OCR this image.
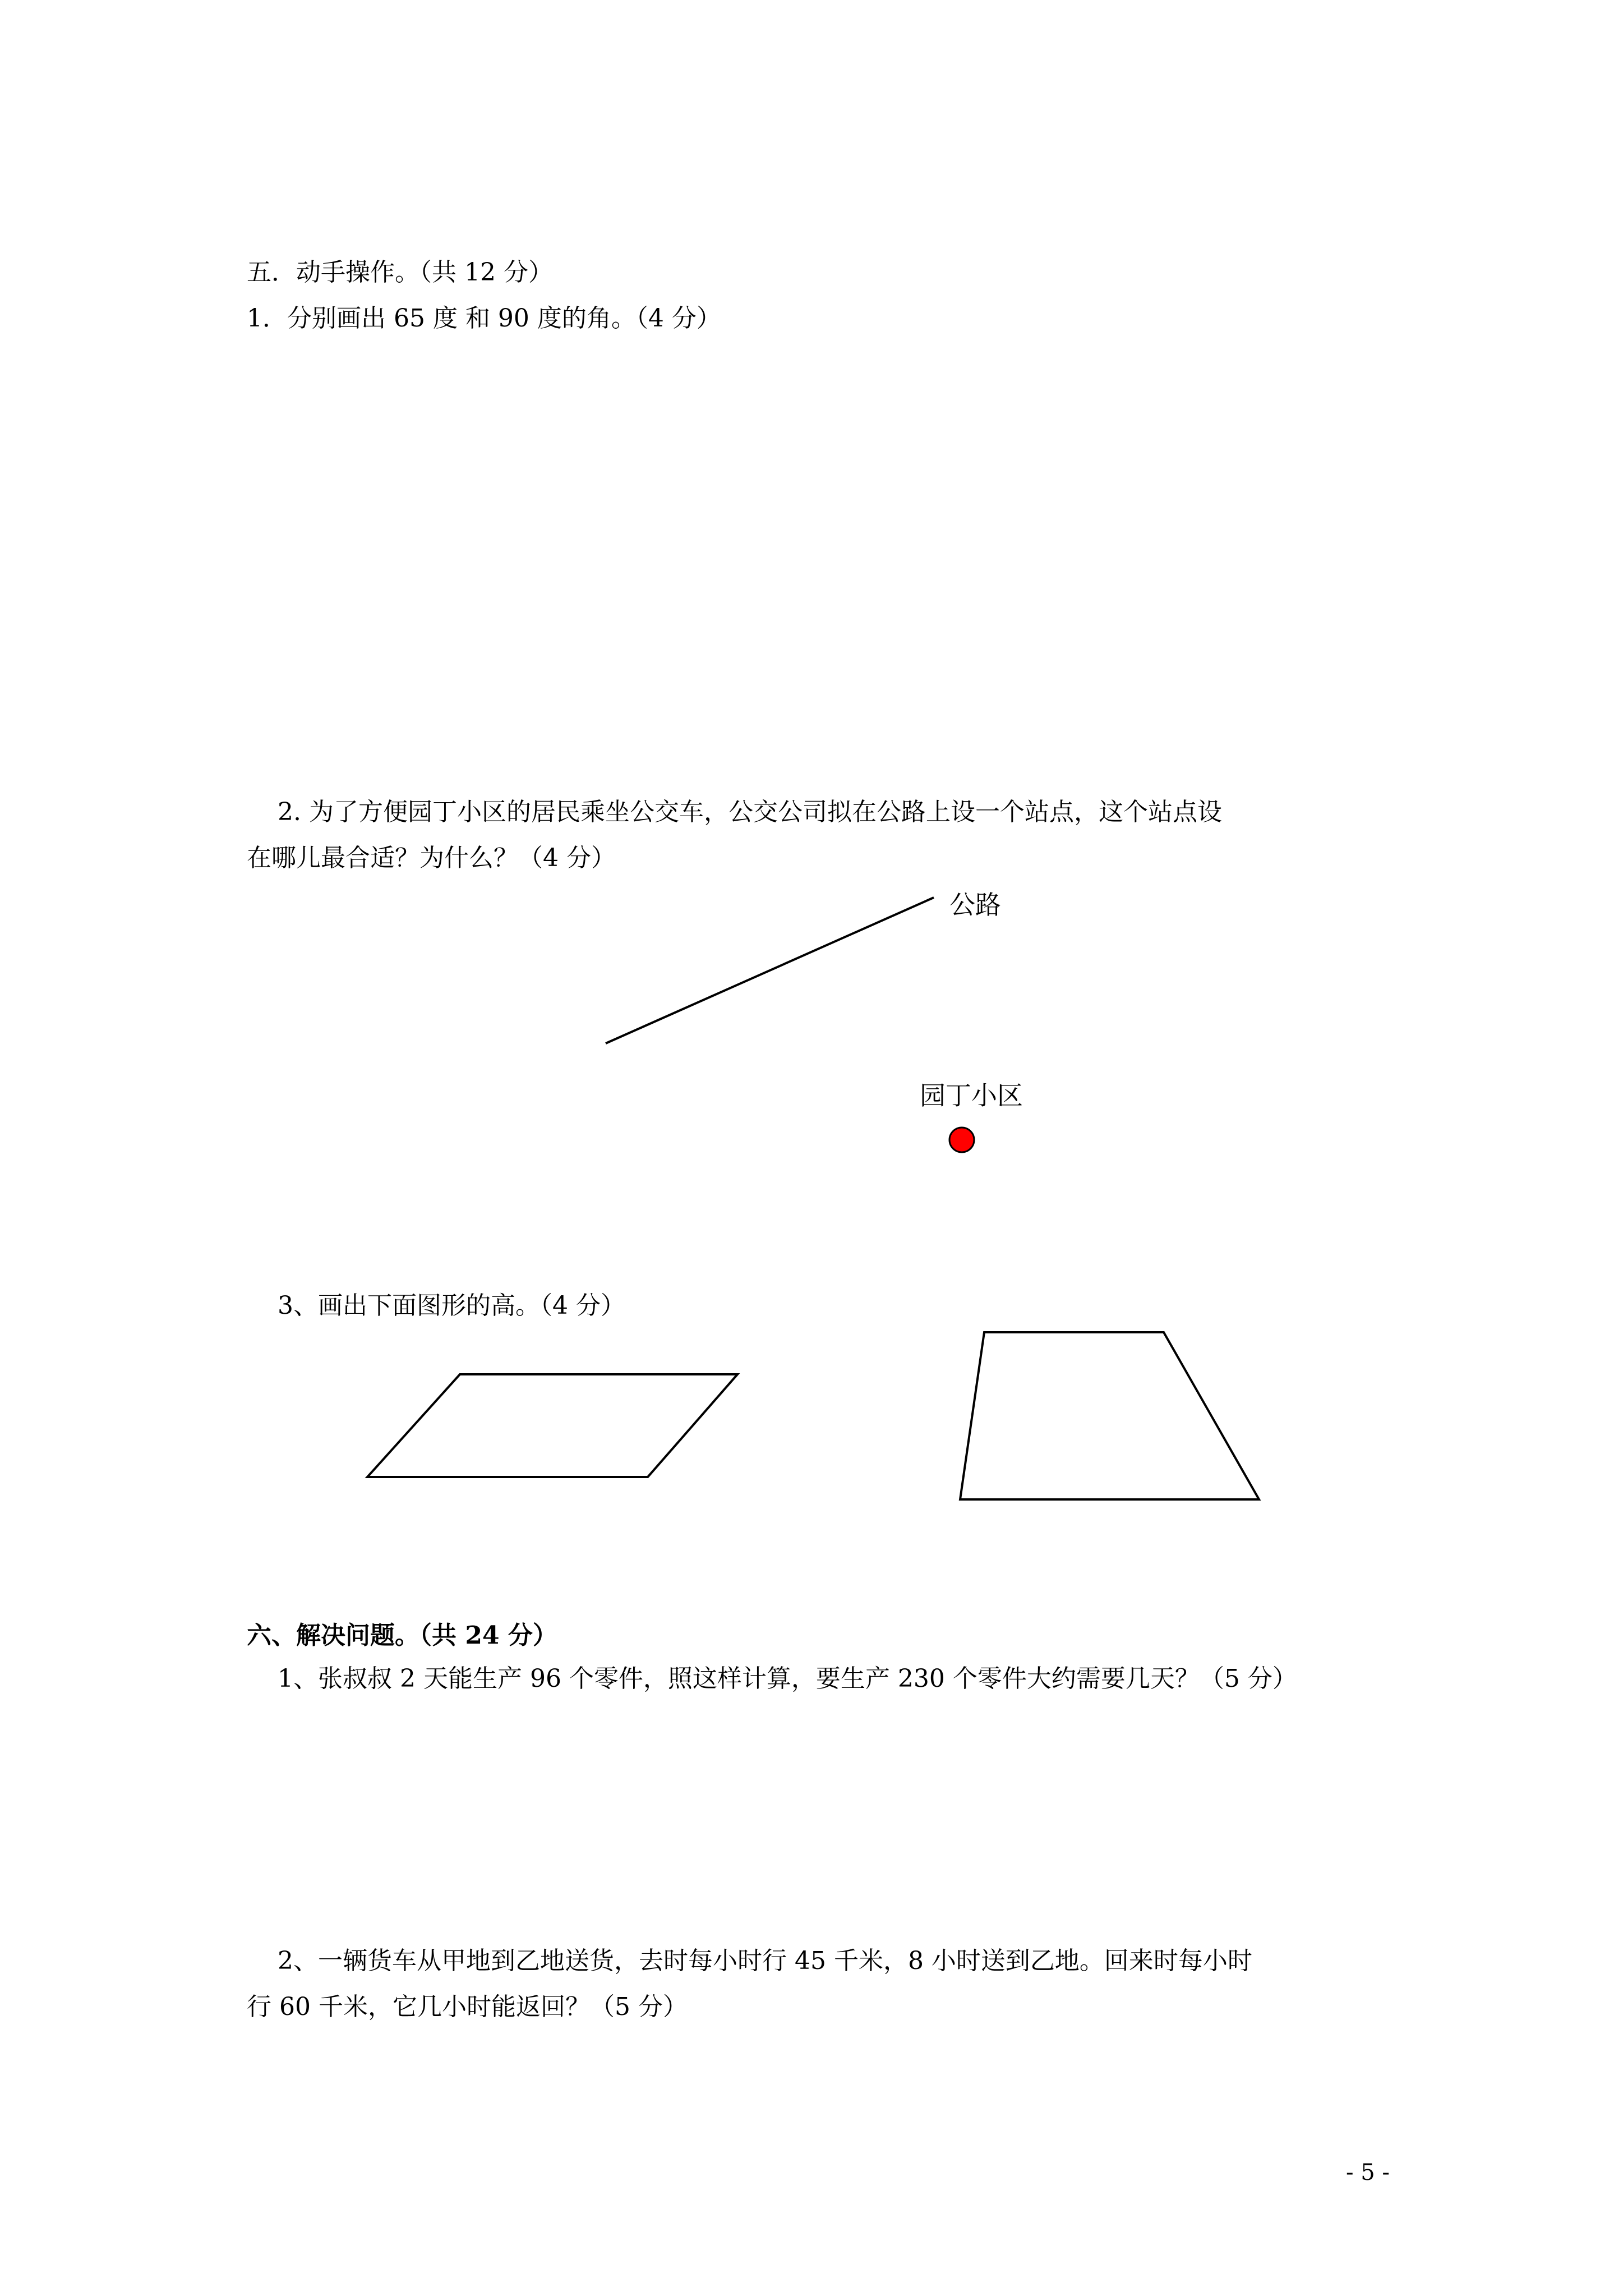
五．动手操作。（共 12 分）
1．分别画出 65 度 和 90 度的角。（4 分）
2. 为了方便园丁小区的居民乘坐公交车，公交公司拟在公路上设一个站点，这个站点设
在哪儿最合适？为什么？（4 分）
公路
园丁小区
3、画出下面图形的高。（4 分）
六、解决问题。（共 24 分）
1、张叔叔 2 天能生产 96 个零件，照这样计算，要生产 230 个零件大约需要几天？（5 分）
2、一辆货车从甲地到乙地送货，去时每小时行 45 千米，8 小时送到乙地。回来时每小时
行 60 千米，它几小时能返回？（5 分）
- 5 -
